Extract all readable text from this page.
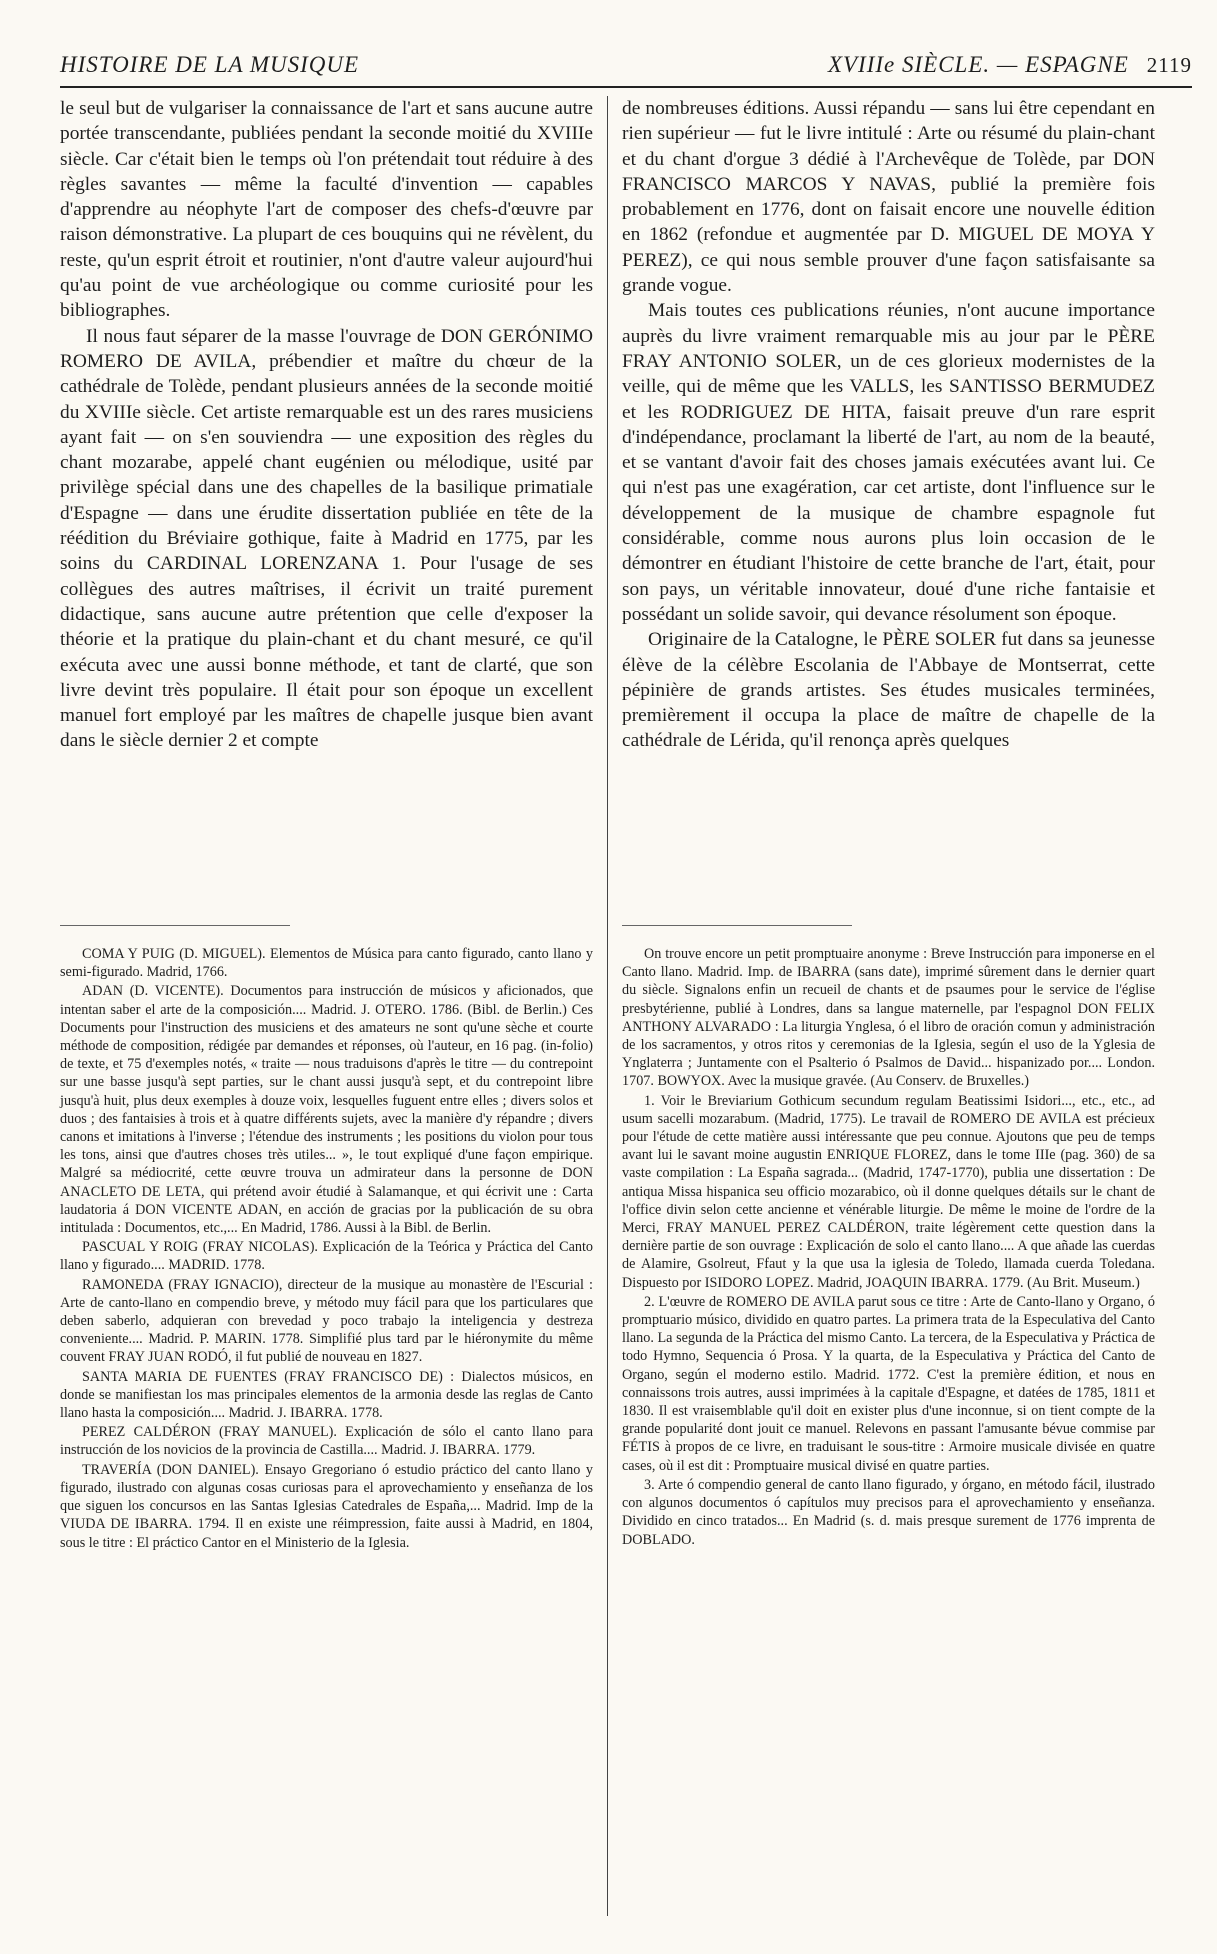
HISTOIRE DE LA MUSIQUE	XVIIIe SIÈCLE. — ESPAGNE 2119

le seul but de vulgariser la connaissance de l'art et sans aucune autre portée transcendante, publiées pendant la seconde moitié du XVIIIe siècle. Car c'était bien le temps où l'on prétendait tout réduire à des règles savantes — même la faculté d'invention — capables d'apprendre au néophyte l'art de composer des chefs-d'œuvre par raison démonstrative. La plupart de ces bouquins qui ne révèlent, du reste, qu'un esprit étroit et routinier, n'ont d'autre valeur aujourd'hui qu'au point de vue archéologique ou comme curiosité pour les bibliographes.

Il nous faut séparer de la masse l'ouvrage de DON GERÓNIMO ROMERO DE AVILA, prébendier et maître du chœur de la cathédrale de Tolède, pendant plusieurs années de la seconde moitié du XVIIIe siècle. Cet artiste remarquable est un des rares musiciens ayant fait — on s'en souviendra — une exposition des règles du chant mozarabe, appelé chant eugénien ou mélodique, usité par privilège spécial dans une des chapelles de la basilique primatiale d'Espagne — dans une érudite dissertation publiée en tête de la réédition du Bréviaire gothique, faite à Madrid en 1775, par les soins du CARDINAL LORENZANA 1. Pour l'usage de ses collègues des autres maîtrises, il écrivit un traité purement didactique, sans aucune autre prétention que celle d'exposer la théorie et la pratique du plain-chant et du chant mesuré, ce qu'il exécuta avec une aussi bonne méthode, et tant de clarté, que son livre devint très populaire. Il était pour son époque un excellent manuel fort employé par les maîtres de chapelle jusque bien avant dans le siècle dernier 2 et compte

de nombreuses éditions. Aussi répandu — sans lui être cependant en rien supérieur — fut le livre intitulé : Arte ou résumé du plain-chant et du chant d'orgue 3 dédié à l'Archevêque de Tolède, par DON FRANCISCO MARCOS Y NAVAS, publié la première fois probablement en 1776, dont on faisait encore une nouvelle édition en 1862 (refondue et augmentée par D. MIGUEL DE MOYA Y PEREZ), ce qui nous semble prouver d'une façon satisfaisante sa grande vogue.

Mais toutes ces publications réunies, n'ont aucune importance auprès du livre vraiment remarquable mis au jour par le PÈRE FRAY ANTONIO SOLER, un de ces glorieux modernistes de la veille, qui de même que les VALLS, les SANTISSO BERMUDEZ et les RODRIGUEZ DE HITA, faisait preuve d'un rare esprit d'indépendance, proclamant la liberté de l'art, au nom de la beauté, et se vantant d'avoir fait des choses jamais exécutées avant lui. Ce qui n'est pas une exagération, car cet artiste, dont l'influence sur le développement de la musique de chambre espagnole fut considérable, comme nous aurons plus loin occasion de le démontrer en étudiant l'histoire de cette branche de l'art, était, pour son pays, un véritable innovateur, doué d'une riche fantaisie et possédant un solide savoir, qui devance résolument son époque.

Originaire de la Catalogne, le PÈRE SOLER fut dans sa jeunesse élève de la célèbre Escolania de l'Abbaye de Montserrat, cette pépinière de grands artistes. Ses études musicales terminées, premièrement il occupa la place de maître de chapelle de la cathédrale de Lérida, qu'il renonça après quelques

COMA Y PUIG (D. MIGUEL). Elementos de Música para canto figurado, canto llano y semi-figurado. Madrid, 1766.

ADAN (D. VICENTE). Documentos para instrucción de músicos y aficionados, que intentan saber el arte de la composición.... Madrid. J. OTERO. 1786. (Bibl. de Berlin.) Ces Documents pour l'instruction des musiciens et des amateurs ne sont qu'une sèche et courte méthode de composition, rédigée par demandes et réponses, où l'auteur, en 16 pag. (in-folio) de texte, et 75 d'exemples notés, « traite — nous traduisons d'après le titre — du contrepoint sur une basse jusqu'à sept parties, sur le chant aussi jusqu'à sept, et du contrepoint libre jusqu'à huit, plus deux exemples à douze voix, lesquelles fuguent entre elles ; divers solos et duos ; des fantaisies à trois et à quatre différents sujets, avec la manière d'y répandre ; divers canons et imitations à l'inverse ; l'étendue des instruments ; les positions du violon pour tous les tons, ainsi que d'autres choses très utiles... », le tout expliqué d'une façon empirique. Malgré sa médiocrité, cette œuvre trouva un admirateur dans la personne de DON ANACLETO DE LETA, qui prétend avoir étudié à Salamanque, et qui écrivit une : Carta laudatoria á DON VICENTE ADAN, en acción de gracias por la publicación de su obra intitulada : Documentos, etc.,... En Madrid, 1786. Aussi à la Bibl. de Berlin.

PASCUAL Y ROIG (FRAY NICOLAS). Explicación de la Teórica y Práctica del Canto llano y figurado.... MADRID. 1778.

RAMONEDA (FRAY IGNACIO), directeur de la musique au monastère de l'Escurial : Arte de canto-llano en compendio breve, y método muy fácil para que los particulares que deben saberlo, adquieran con brevedad y poco trabajo la inteligencia y destreza conveniente.... Madrid. P. MARIN. 1778. Simplifié plus tard par le hiéronymite du même couvent FRAY JUAN RODÓ, il fut publié de nouveau en 1827.

SANTA MARIA DE FUENTES (FRAY FRANCISCO DE) : Dialectos músicos, en donde se manifiestan los mas principales elementos de la armonia desde las reglas de Canto llano hasta la composición.... Madrid. J. IBARRA. 1778.

PEREZ CALDÉRON (FRAY MANUEL). Explicación de sólo el canto llano para instrucción de los novicios de la provincia de Castilla.... Madrid. J. IBARRA. 1779.

TRAVERÍA (DON DANIEL). Ensayo Gregoriano ó estudio práctico del canto llano y figurado, ilustrado con algunas cosas curiosas para el aprovechamiento y enseñanza de los que siguen los concursos en las Santas Iglesias Catedrales de España,... Madrid. Imp de la VIUDA DE IBARRA. 1794. Il en existe une réimpression, faite aussi à Madrid, en 1804, sous le titre : El práctico Cantor en el Ministerio de la Iglesia.

On trouve encore un petit promptuaire anonyme : Breve Instrucción para imponerse en el Canto llano. Madrid. Imp. de IBARRA (sans date), imprimé sûrement dans le dernier quart du siècle. Signalons enfin un recueil de chants et de psaumes pour le service de l'église presbytérienne, publié à Londres, dans sa langue maternelle, par l'espagnol DON FELIX ANTHONY ALVARADO : La liturgia Ynglesa, ó el libro de oración comun y administración de los sacramentos, y otros ritos y ceremonias de la Iglesia, según el uso de la Yglesia de Ynglaterra ; Juntamente con el Psalterio ó Psalmos de David... hispanizado por.... London. 1707. BOWYOX. Avec la musique gravée. (Au Conserv. de Bruxelles.)

1. Voir le Breviarium Gothicum secundum regulam Beatissimi Isidori..., etc., etc., ad usum sacelli mozarabum. (Madrid, 1775). Le travail de ROMERO DE AVILA est précieux pour l'étude de cette matière aussi intéressante que peu connue. Ajoutons que peu de temps avant lui le savant moine augustin ENRIQUE FLOREZ, dans le tome IIIe (pag. 360) de sa vaste compilation : La España sagrada... (Madrid, 1747-1770), publia une dissertation : De antiqua Missa hispanica seu officio mozarabico, où il donne quelques détails sur le chant de l'office divin selon cette ancienne et vénérable liturgie. De même le moine de l'ordre de la Merci, FRAY MANUEL PEREZ CALDÉRON, traite légèrement cette question dans la dernière partie de son ouvrage : Explicación de solo el canto llano.... A que añade las cuerdas de Alamire, Gsolreut, Ffaut y la que usa la iglesia de Toledo, llamada cuerda Toledana. Dispuesto por ISIDORO LOPEZ. Madrid, JOAQUIN IBARRA. 1779. (Au Brit. Museum.)

2. L'œuvre de ROMERO DE AVILA parut sous ce titre : Arte de Canto-llano y Organo, ó promptuario músico, dividido en quatro partes. La primera trata de la Especulativa del Canto llano. La segunda de la Práctica del mismo Canto. La tercera, de la Especulativa y Práctica de todo Hymno, Sequencia ó Prosa. Y la quarta, de la Especulativa y Práctica del Canto de Organo, según el moderno estilo. Madrid. 1772. C'est la première édition, et nous en connaissons trois autres, aussi imprimées à la capitale d'Espagne, et datées de 1785, 1811 et 1830. Il est vraisemblable qu'il doit en exister plus d'une inconnue, si on tient compte de la grande popularité dont jouit ce manuel. Relevons en passant l'amusante bévue commise par FÉTIS à propos de ce livre, en traduisant le sous-titre : Armoire musicale divisée en quatre cases, où il est dit : Promptuaire musical divisé en quatre parties.

3. Arte ó compendio general de canto llano figurado, y órgano, en método fácil, ilustrado con algunos documentos ó capítulos muy precisos para el aprovechamiento y enseñanza. Dividido en cinco tratados... En Madrid (s. d. mais presque surement de 1776 imprenta de DOBLADO.
